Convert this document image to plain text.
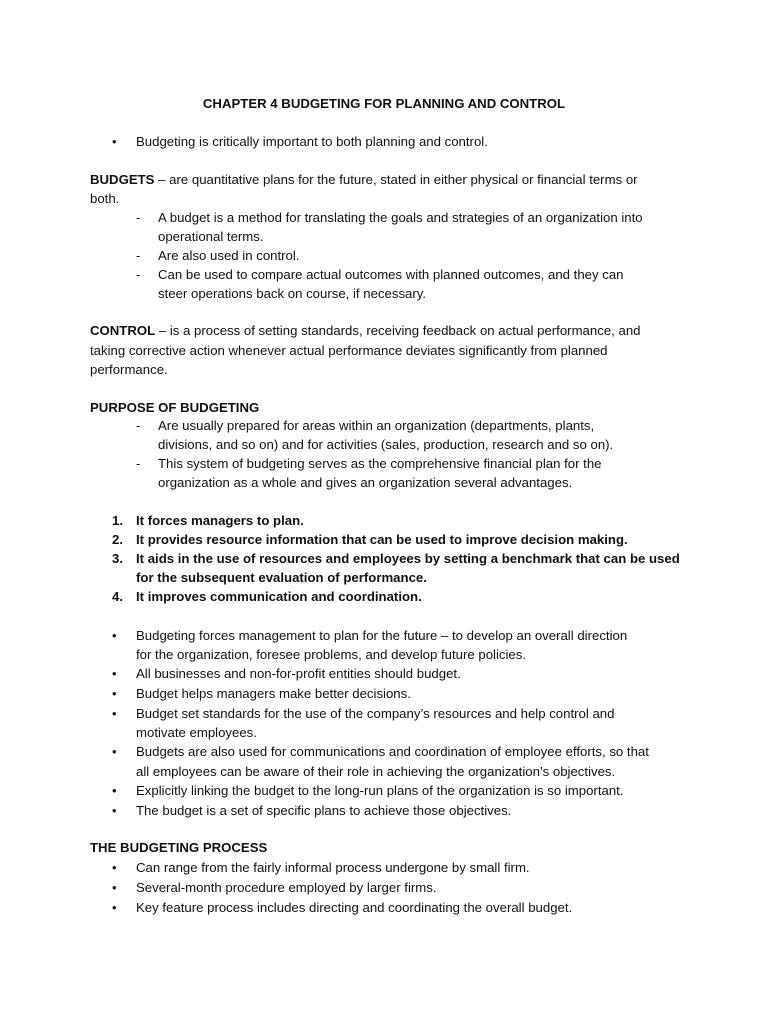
CHAPTER 4 BUDGETING FOR PLANNING AND CONTROL
• Budgeting is critically important to both planning and control.
BUDGETS – are quantitative plans for the future, stated in either physical or financial terms or
both.
- A budget is a method for translating the goals and strategies of an organization into
operational terms.
- Are also used in control.
- Can be used to compare actual outcomes with planned outcomes, and they can
steer operations back on course, if necessary.
CONTROL – is a process of setting standards, receiving feedback on actual performance, and
taking corrective action whenever actual performance deviates significantly from planned
performance.
PURPOSE OF BUDGETING
- Are usually prepared for areas within an organization (departments, plants,
divisions, and so on) and for activities (sales, production, research and so on).
- This system of budgeting serves as the comprehensive financial plan for the
organization as a whole and gives an organization several advantages.
1. It forces managers to plan.
2. It provides resource information that can be used to improve decision making.
3. It aids in the use of resources and employees by setting a benchmark that can be used
for the subsequent evaluation of performance.
4. It improves communication and coordination.
• Budgeting forces management to plan for the future – to develop an overall direction
for the organization, foresee problems, and develop future policies.
• All businesses and non-for-profit entities should budget.
• Budget helps managers make better decisions.
• Budget set standards for the use of the company’s resources and help control and
motivate employees.
• Budgets are also used for communications and coordination of employee efforts, so that
all employees can be aware of their role in achieving the organization’s objectives.
• Explicitly linking the budget to the long-run plans of the organization is so important.
• The budget is a set of specific plans to achieve those objectives.
THE BUDGETING PROCESS
• Can range from the fairly informal process undergone by small firm.
• Several-month procedure employed by larger firms.
• Key feature process includes directing and coordinating the overall budget.
